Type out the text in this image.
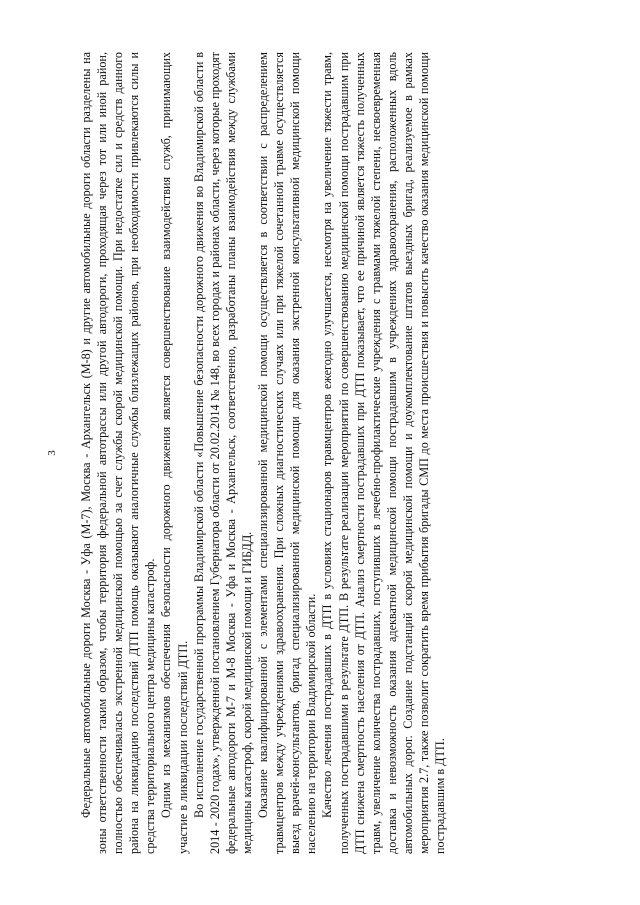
3 Федеральные автомобильные дороги Москва - Уфа (М-7), Москва - Архангельск (М-8) и другие автомобильные дороги области разделены на зоны ответственности таким образом, чтобы территория федеральной автотрассы или другой автодороги, проходящая через тот или иной район, полностью обеспечивалась экстренной медицинской помощью за счет службы скорой медицинской помощи. При недостатке сил и средств данного района на ликвидацию последствий ДТП помощь оказывают аналогичные службы близлежащих районов, при необходимости привлекаются силы и средства территориального центра медицины катастроф. Одним из механизмов обеспечения безопасности дорожного движения является совершенствование взаимодействия служб, принимающих участие в ликвидации последствий ДТП. Во исполнение государственной программы Владимирской области «Повышение безопасности дорожного движения во Владимирской области в 2014 - 2020 годах», утвержденной постановлением Губернатора области от 20.02.2014 № 148, во всех городах и районах области, через которые проходят федеральные автодороги М-7 и М-8 Москва - Уфа и Москва - Архангельск, соответственно, разработаны планы взаимодействия между службами медицины катастроф, скорой медицинской помощи и ГИБДД. Оказание квалифицированной с элементами специализированной медицинской помощи осуществляется в соответствии с распределением травмцентров между учреждениями здравоохранения. При сложных диагностических случаях или при тяжелой сочетанной травме осуществляется выезд врачей-консультантов, бригад специализированной медицинской помощи для оказания экстренной консультативной медицинской помощи населению на территории Владимирской области. Качество лечения пострадавших в ДТП в условиях стационаров травмцентров ежегодно улучшается, несмотря на увеличение тяжести травм, полученных пострадавшими в результате ДТП. В результате реализации мероприятий по совершенствованию медицинской помощи пострадавшим при ДТП снижена смертность населения от ДТП. Анализ смертности пострадавших при ДТП показывает, что ее причиной является тяжесть полученных травм, увеличение количества пострадавших, поступивших в лечебно-профилактические учреждения с травмами тяжелой степени, несвоевременная доставка и невозможность оказания адекватной медицинской помощи пострадавшим в учреждениях здравоохранения, расположенных вдоль автомобильных дорог. Создание подстанций скорой медицинской помощи и доукомплектование штатов выездных бригад, реализуемое в рамках мероприятия 2.7, также позволит сократить время прибытия бригады СМП до места происшествия и повысить качество оказания медицинской помощи пострадавшим в ДТП.
